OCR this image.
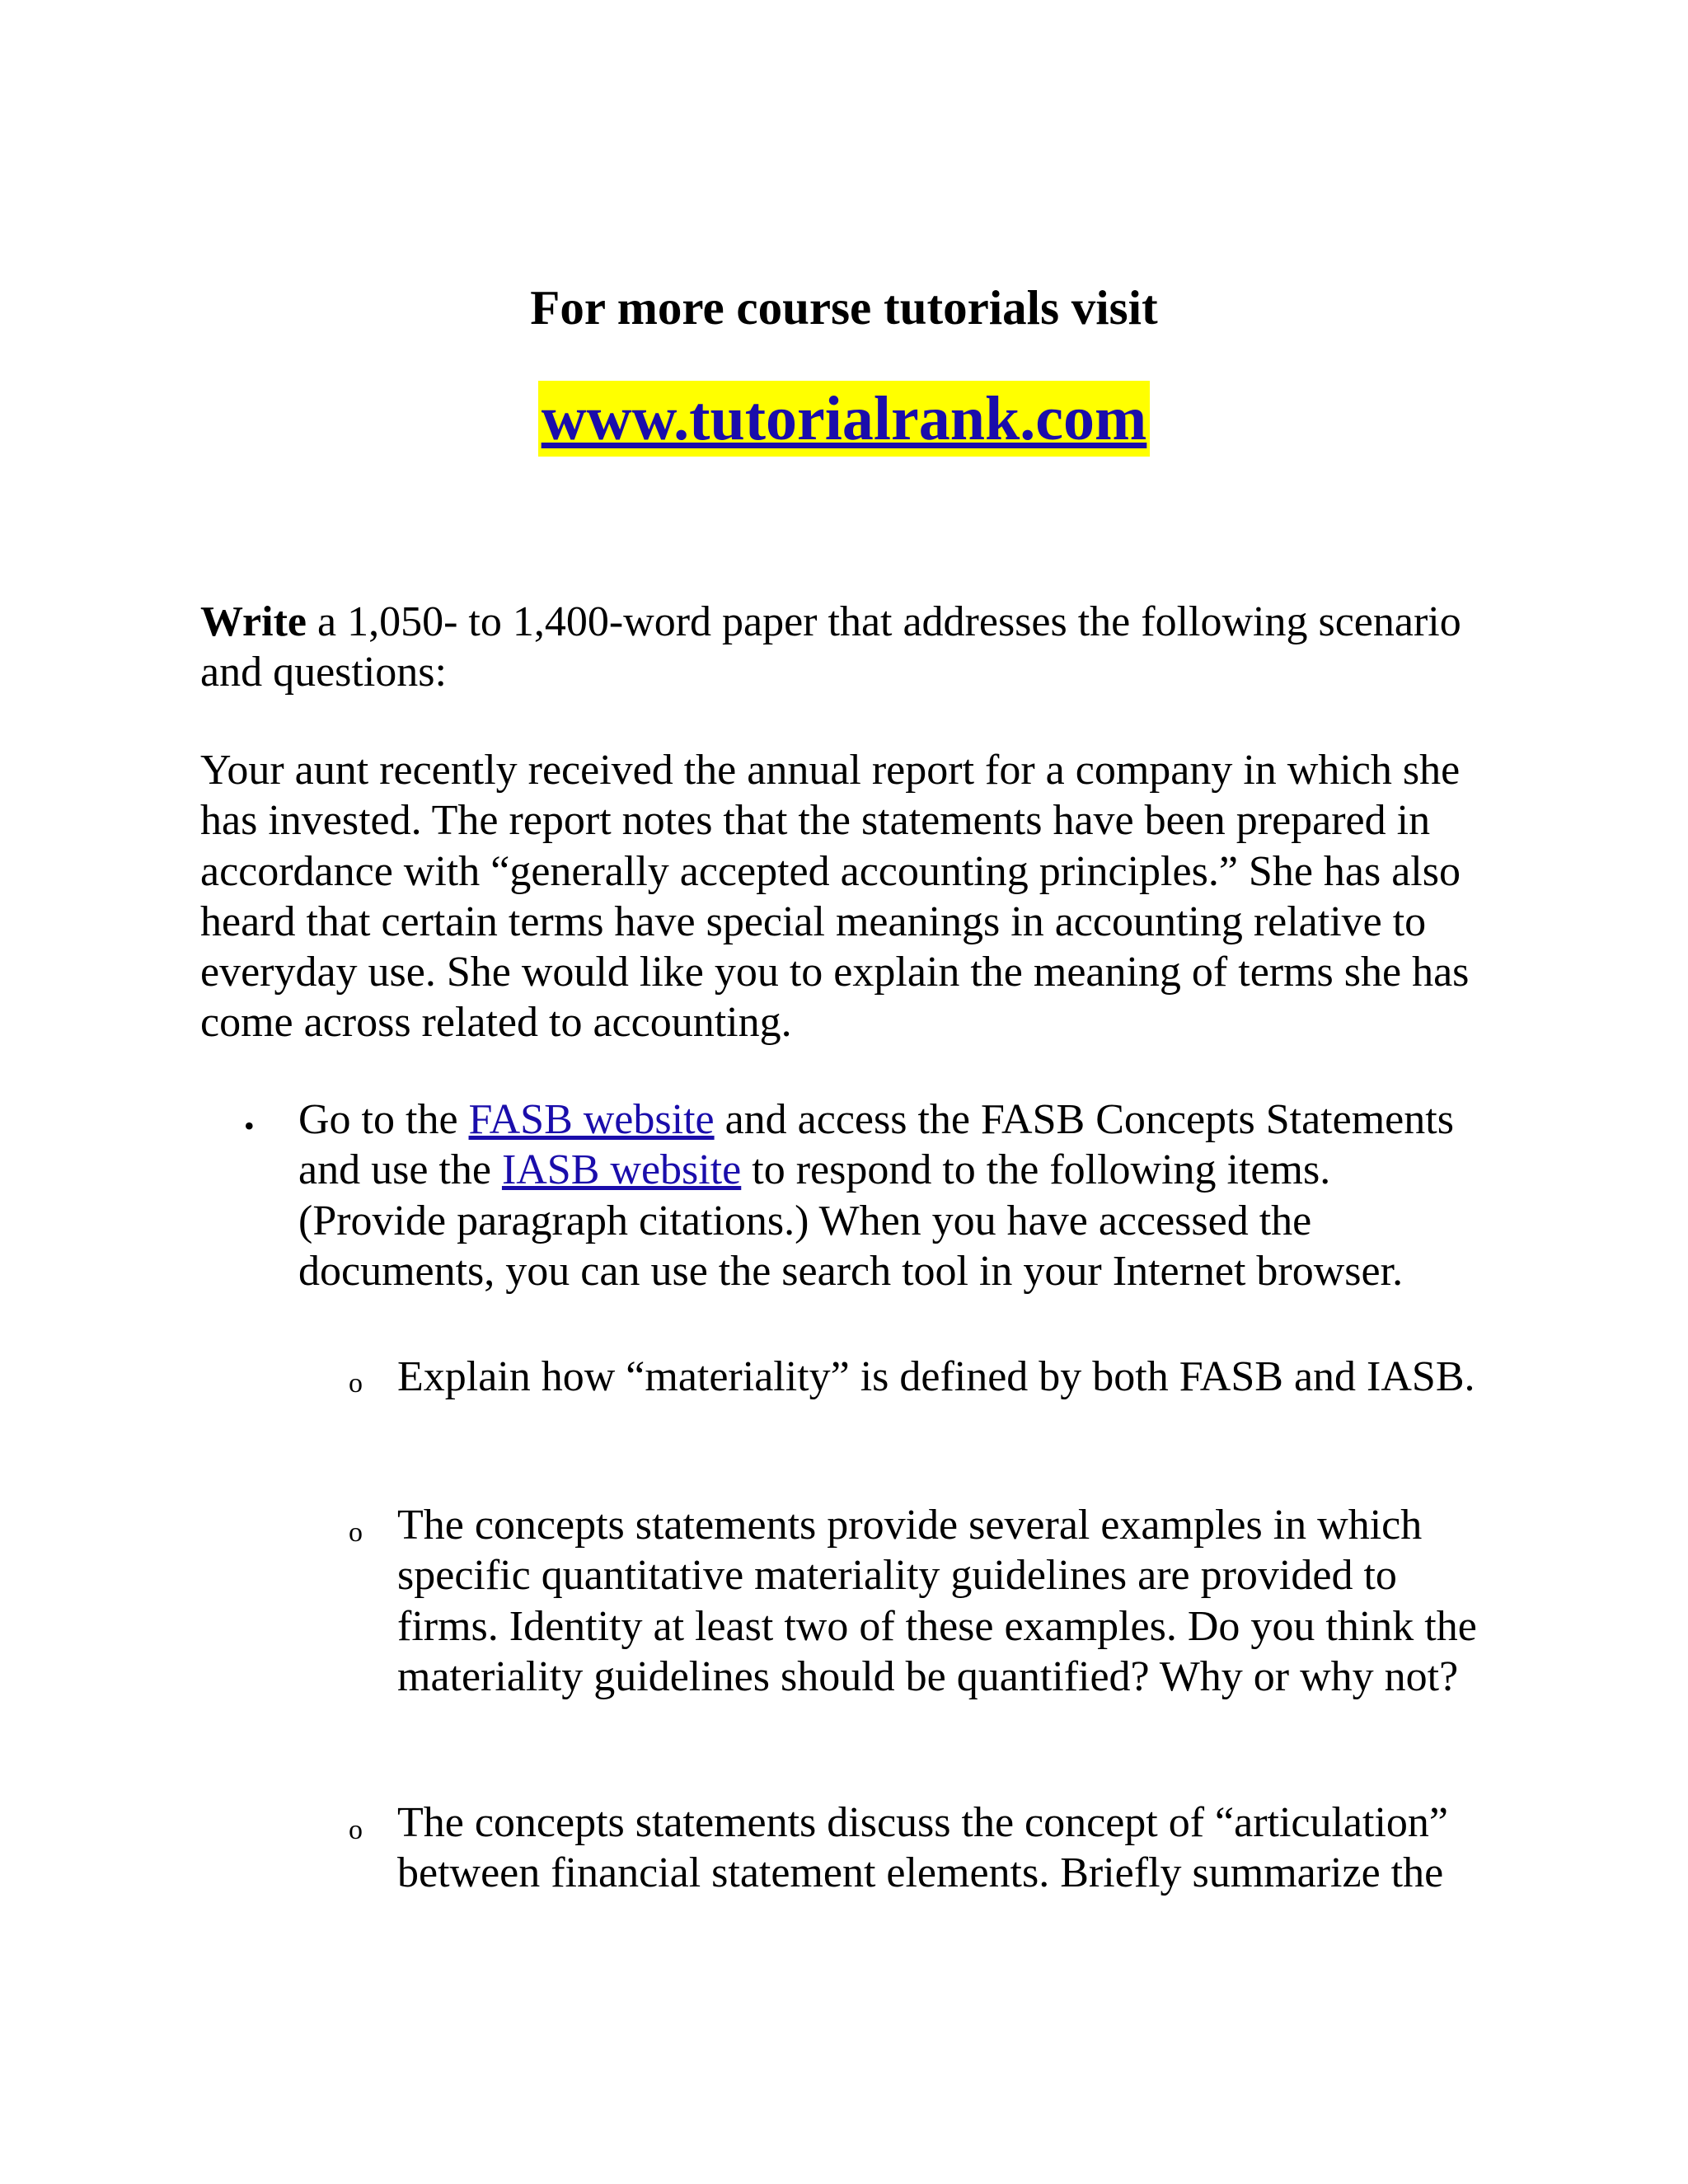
For more course tutorials visit
www.tutorialrank.com

Write a 1,050- to 1,400-word paper that addresses the following scenario and questions:

Your aunt recently received the annual report for a company in which she has invested. The report notes that the statements have been prepared in accordance with “generally accepted accounting principles.” She has also heard that certain terms have special meanings in accounting relative to everyday use. She would like you to explain the meaning of terms she has come across related to accounting.

• Go to the FASB website and access the FASB Concepts Statements and use the IASB website to respond to the following items. (Provide paragraph citations.) When you have accessed the documents, you can use the search tool in your Internet browser.

o Explain how “materiality” is defined by both FASB and IASB.

o The concepts statements provide several examples in which specific quantitative materiality guidelines are provided to firms. Identity at least two of these examples. Do you think the materiality guidelines should be quantified? Why or why not?

o The concepts statements discuss the concept of “articulation” between financial statement elements. Briefly summarize the
